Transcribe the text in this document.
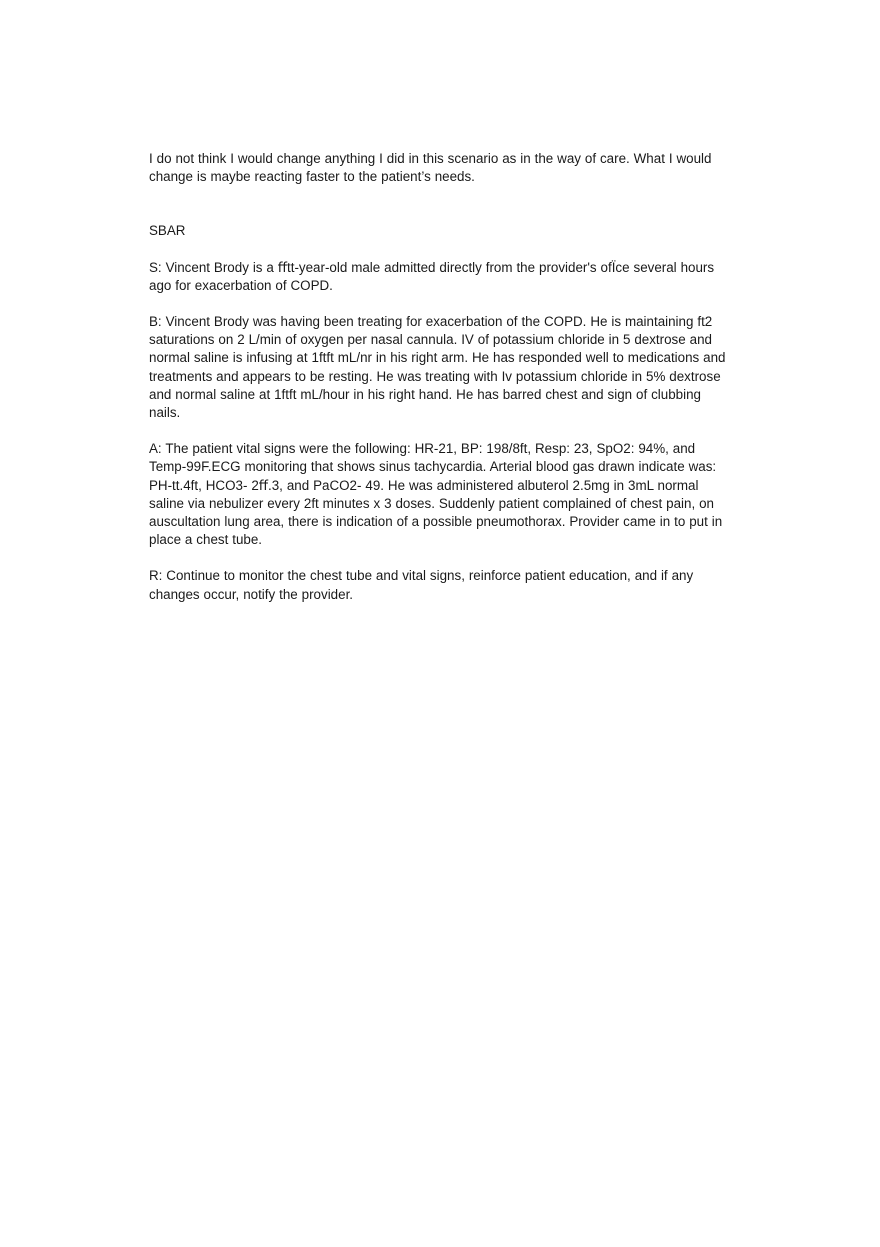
I do not think I would change anything I did in this scenario as in the way of care. What I would change is maybe reacting faster to the patient’s needs.

SBAR

S: Vincent Brody is a ﬀtt-year-old male admitted directly from the provider's ofÏce several hours ago for exacerbation of COPD.

B: Vincent Brody was having been treating for exacerbation of the COPD. He is maintaining ft2 saturations on 2 L/min of oxygen per nasal cannula. IV of potassium chloride in 5 dextrose and normal saline is infusing at 1ftft mL/nr in his right arm. He has responded well to medications and treatments and appears to be resting. He was treating with Iv potassium chloride in 5% dextrose and normal saline at 1ftft mL/hour in his right hand. He has barred chest and sign of clubbing nails.

A: The patient vital signs were the following: HR-21, BP: 198/8ft, Resp: 23, SpO2: 94%, and Temp-99F.ECG monitoring that shows sinus tachycardia. Arterial blood gas drawn indicate was: PH-tt.4ft, HCO3- 2ﬀ.3, and PaCO2- 49. He was administered albuterol 2.5mg in 3mL normal saline via nebulizer every 2ft minutes x 3 doses. Suddenly patient complained of chest pain, on auscultation lung area, there is indication of a possible pneumothorax. Provider came in to put in place a chest tube.

R: Continue to monitor the chest tube and vital signs, reinforce patient education, and if any changes occur, notify the provider.
